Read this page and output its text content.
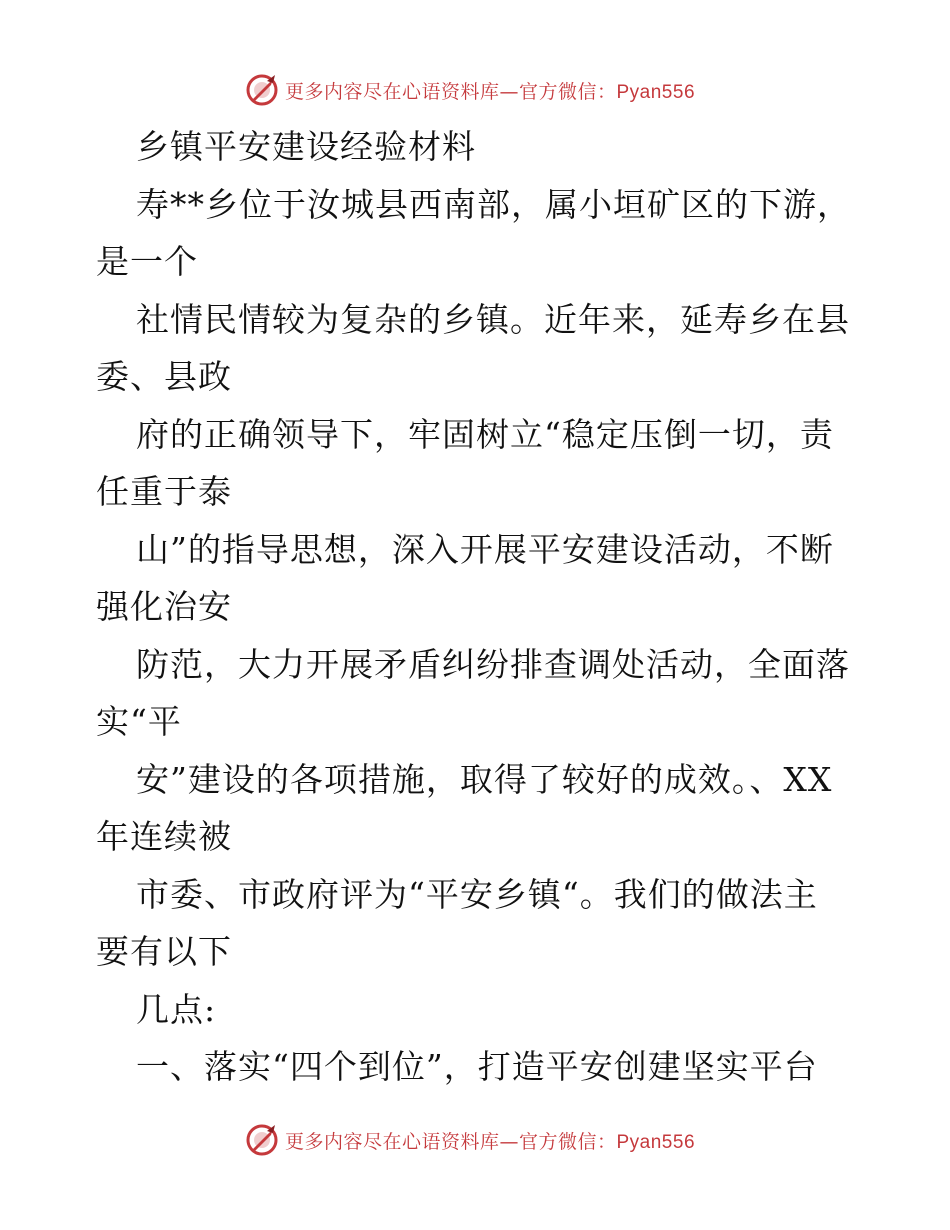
更多内容尽在心语资料库—官方微信：Pyan556
乡镇平安建设经验材料
寿**乡位于汝城县西南部，属小垣矿区的下游，
是一个
社情民情较为复杂的乡镇。近年来，延寿乡在县
委、县政
府的正确领导下，牢固树立“稳定压倒一切，责
任重于泰
山”的指导思想，深入开展平安建设活动，不断
强化治安
防范，大力开展矛盾纠纷排查调处活动，全面落
实“平
安”建设的各项措施，取得了较好的成效。、XX
年连续被
市委、市政府评为“平安乡镇“。我们的做法主
要有以下
几点:
一、落实“四个到位”，打造平安创建坚实平台
更多内容尽在心语资料库—官方微信：Pyan556
